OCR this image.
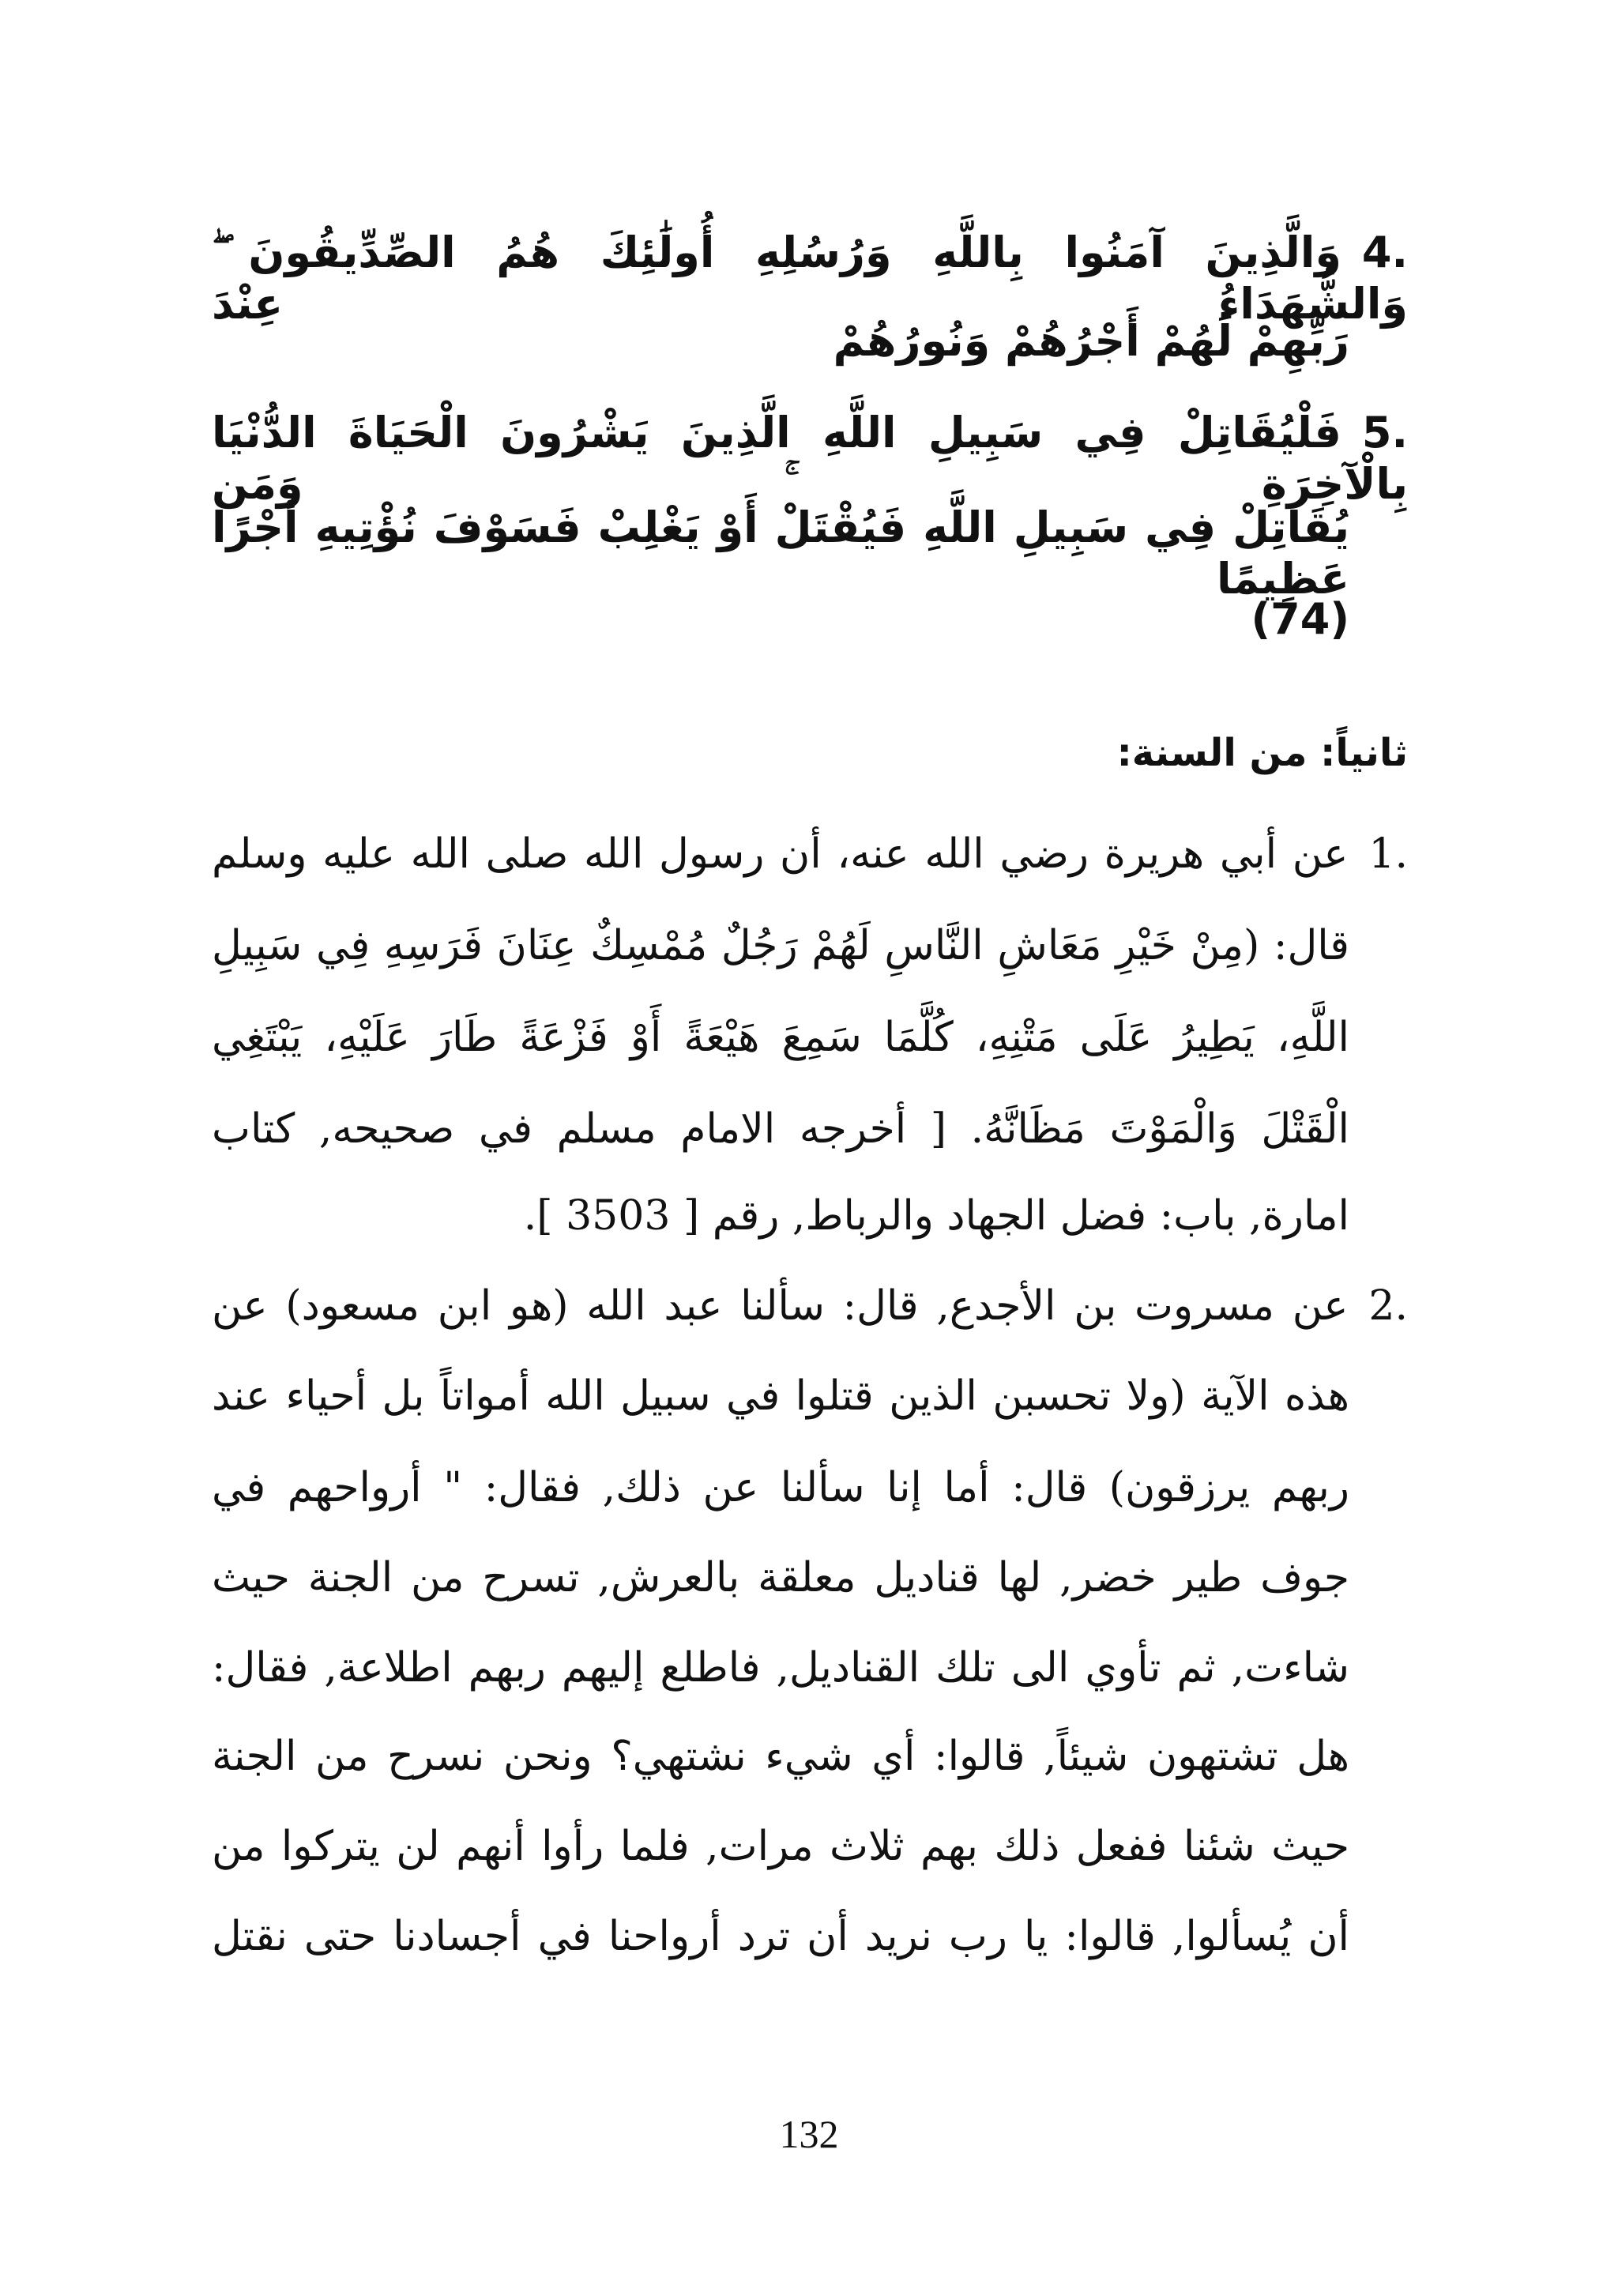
4.وَالَّذِينَ آمَنُوا بِاللَّهِ وَرُسُلِهِ أُولَٰئِكَ هُمُ الصِّدِّيقُونَ ۖ وَالشُّهَدَاءُ عِنْدَ
رَبِّهِمْ لَهُمْ أَجْرُهُمْ وَنُورُهُمْ
5.فَلْيُقَاتِلْ فِي سَبِيلِ اللَّهِ الَّذِينَ يَشْرُونَ الْحَيَاةَ الدُّنْيَا بِالْآخِرَةِ ۚ وَمَن
يُقَاتِلْ فِي سَبِيلِ اللَّهِ فَيُقْتَلْ أَوْ يَغْلِبْ فَسَوْفَ نُؤْتِيهِ أَجْرًا عَظِيمًا
(74)
ثانياً: من السنة:
1.عن أبي هريرة رضي الله عنه، أن رسول الله صلى الله عليه وسلم
قال: (مِنْ خَيْرِ مَعَاشِ النَّاسِ لَهُمْ رَجُلٌ مُمْسِكٌ عِنَانَ فَرَسِهِ فِي سَبِيلِ
اللَّهِ، يَطِيرُ عَلَى مَتْنِهِ، كُلَّمَا سَمِعَ هَيْعَةً أَوْ فَزْعَةً طَارَ عَلَيْهِ، يَبْتَغِي
الْقَتْلَ وَالْمَوْتَ مَظَانَّهُ. [ أخرجه الامام مسلم في صحيحه, كتاب
امارة, باب: فضل الجهاد والرباط, رقم [ 3503 ].
2.عن مسروت بن الأجدع, قال: سألنا عبد الله (هو ابن مسعود) عن
هذه الآية (ولا تحسبن الذين قتلوا في سبيل الله أمواتاً بل أحياء عند
ربهم يرزقون) قال: أما إنا سألنا عن ذلك, فقال: " أرواحهم في
جوف طير خضر, لها قناديل معلقة بالعرش, تسرح من الجنة حيث
شاءت, ثم تأوي الى تلك القناديل, فاطلع إليهم ربهم اطلاعة, فقال:
هل تشتهون شيئاً, قالوا: أي شيء نشتهي؟ ونحن نسرح من الجنة
حيث شئنا ففعل ذلك بهم ثلاث مرات, فلما رأوا أنهم لن يتركوا من
أن يُسألوا, قالوا: يا رب نريد أن ترد أرواحنا في أجسادنا حتى نقتل
132
